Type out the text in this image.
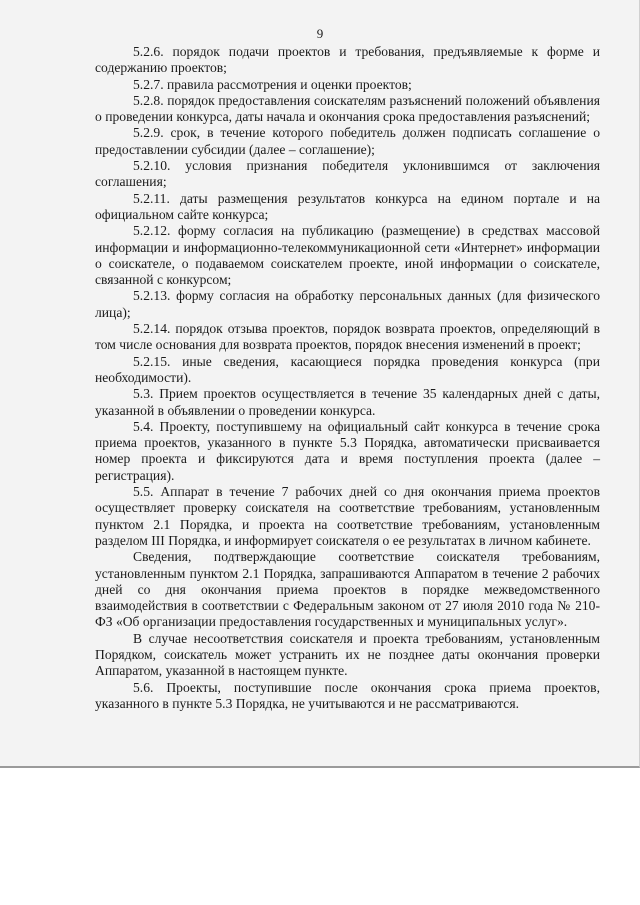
9

5.2.6. порядок подачи проектов и требования, предъявляемые к форме и содержанию проектов;

5.2.7. правила рассмотрения и оценки проектов;

5.2.8. порядок предоставления соискателям разъяснений положений объявления о проведении конкурса, даты начала и окончания срока предоставления разъяснений;

5.2.9. срок, в течение которого победитель должен подписать соглашение о предоставлении субсидии (далее – соглашение);

5.2.10. условия признания победителя уклонившимся от заключения соглашения;

5.2.11. даты размещения результатов конкурса на едином портале и на официальном сайте конкурса;

5.2.12. форму согласия на публикацию (размещение) в средствах массовой информации и информационно-телекоммуникационной сети «Интернет» информации о соискателе, о подаваемом соискателем проекте, иной информации о соискателе, связанной с конкурсом;

5.2.13. форму согласия на обработку персональных данных (для физического лица);

5.2.14. порядок отзыва проектов, порядок возврата проектов, определяющий в том числе основания для возврата проектов, порядок внесения изменений в проект;

5.2.15. иные сведения, касающиеся порядка проведения конкурса (при необходимости).

5.3. Прием проектов осуществляется в течение 35 календарных дней с даты, указанной в объявлении о проведении конкурса.

5.4. Проекту, поступившему на официальный сайт конкурса в течение срока приема проектов, указанного в пункте 5.3 Порядка, автоматически присваивается номер проекта и фиксируются дата и время поступления проекта (далее – регистрация).

5.5. Аппарат в течение 7 рабочих дней со дня окончания приема проектов осуществляет проверку соискателя на соответствие требованиям, установленным пунктом 2.1 Порядка, и проекта на соответствие требованиям, установленным разделом III Порядка, и информирует соискателя о ее результатах в личном кабинете.

Сведения, подтверждающие соответствие соискателя требованиям, установленным пунктом 2.1 Порядка, запрашиваются Аппаратом в течение 2 рабочих дней со дня окончания приема проектов в порядке межведомственного взаимодействия в соответствии с Федеральным законом от 27 июля 2010 года № 210-ФЗ «Об организации предоставления государственных и муниципальных услуг».

В случае несоответствия соискателя и проекта требованиям, установленным Порядком, соискатель может устранить их не позднее даты окончания проверки Аппаратом, указанной в настоящем пункте.

5.6. Проекты, поступившие после окончания срока приема проектов, указанного в пункте 5.3 Порядка, не учитываются и не рассматриваются.
